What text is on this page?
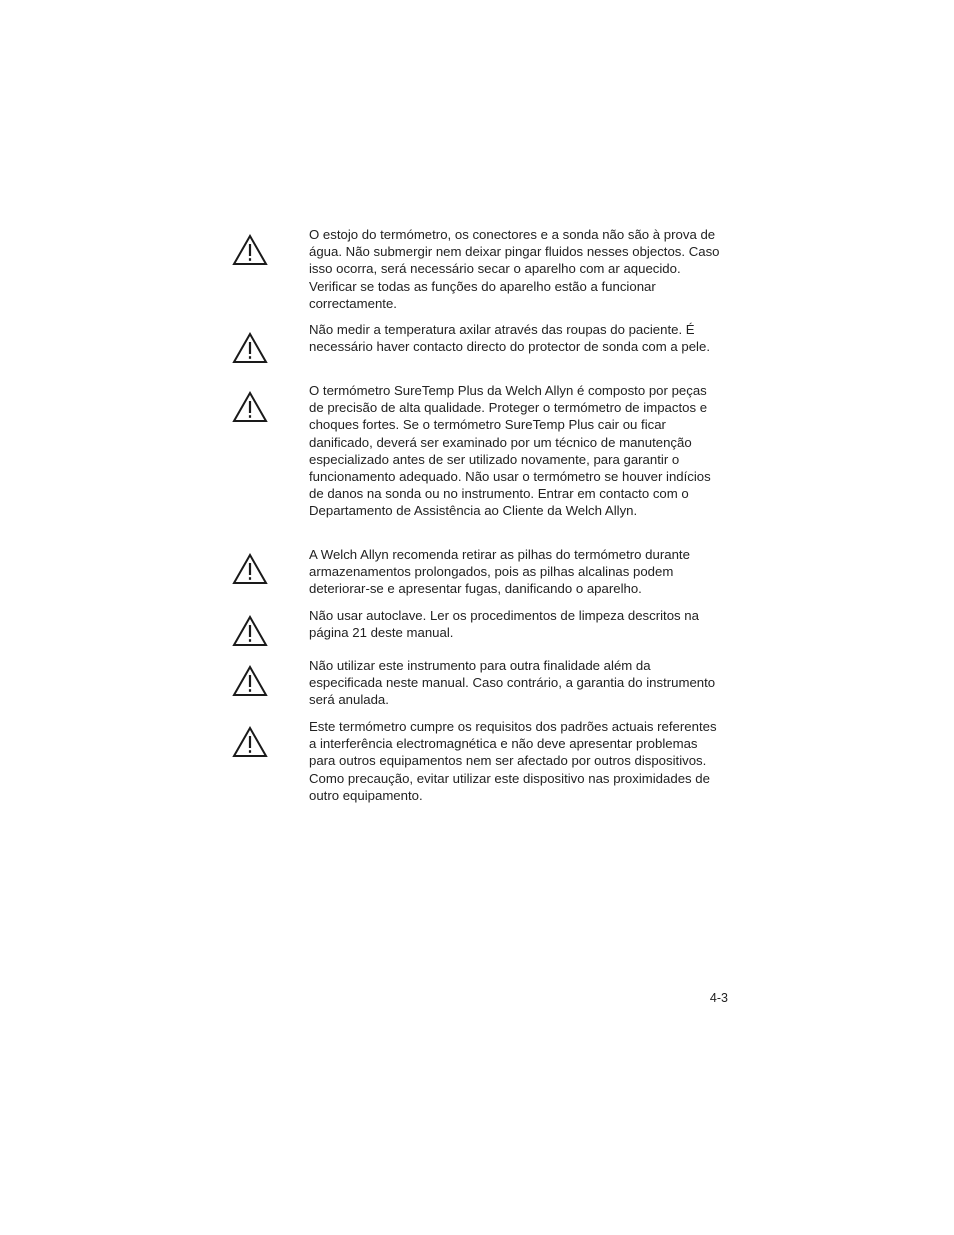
O estojo do termómetro, os conectores e a sonda não são à prova de água. Não submergir nem deixar pingar fluidos nesses objectos. Caso isso ocorra, será necessário secar o aparelho com ar aquecido. Verificar se todas as funções do aparelho estão a funcionar correctamente.

Não medir a temperatura axilar através das roupas do paciente. É necessário haver contacto directo do protector de sonda com a pele.

O termómetro SureTemp Plus da Welch Allyn é composto por peças de precisão de alta qualidade. Proteger o termómetro de impactos e choques fortes. Se o termómetro SureTemp Plus cair ou ficar danificado, deverá ser examinado por um técnico de manutenção especializado antes de ser utilizado novamente, para garantir o funcionamento adequado. Não usar o termómetro se houver indícios de danos na sonda ou no instrumento. Entrar em contacto com o Departamento de Assistência ao Cliente da Welch Allyn.

A Welch Allyn recomenda retirar as pilhas do termómetro durante armazenamentos prolongados, pois as pilhas alcalinas podem deteriorar-se e apresentar fugas, danificando o aparelho.

Não usar autoclave. Ler os procedimentos de limpeza descritos na página 21 deste manual.

Não utilizar este instrumento para outra finalidade além da especificada neste manual. Caso contrário, a garantia do instrumento será anulada.

Este termómetro cumpre os requisitos dos padrões actuais referentes a interferência electromagnética e não deve apresentar problemas para outros equipamentos nem ser afectado por outros dispositivos. Como precaução, evitar utilizar este dispositivo nas proximidades de outro equipamento.

4-3
